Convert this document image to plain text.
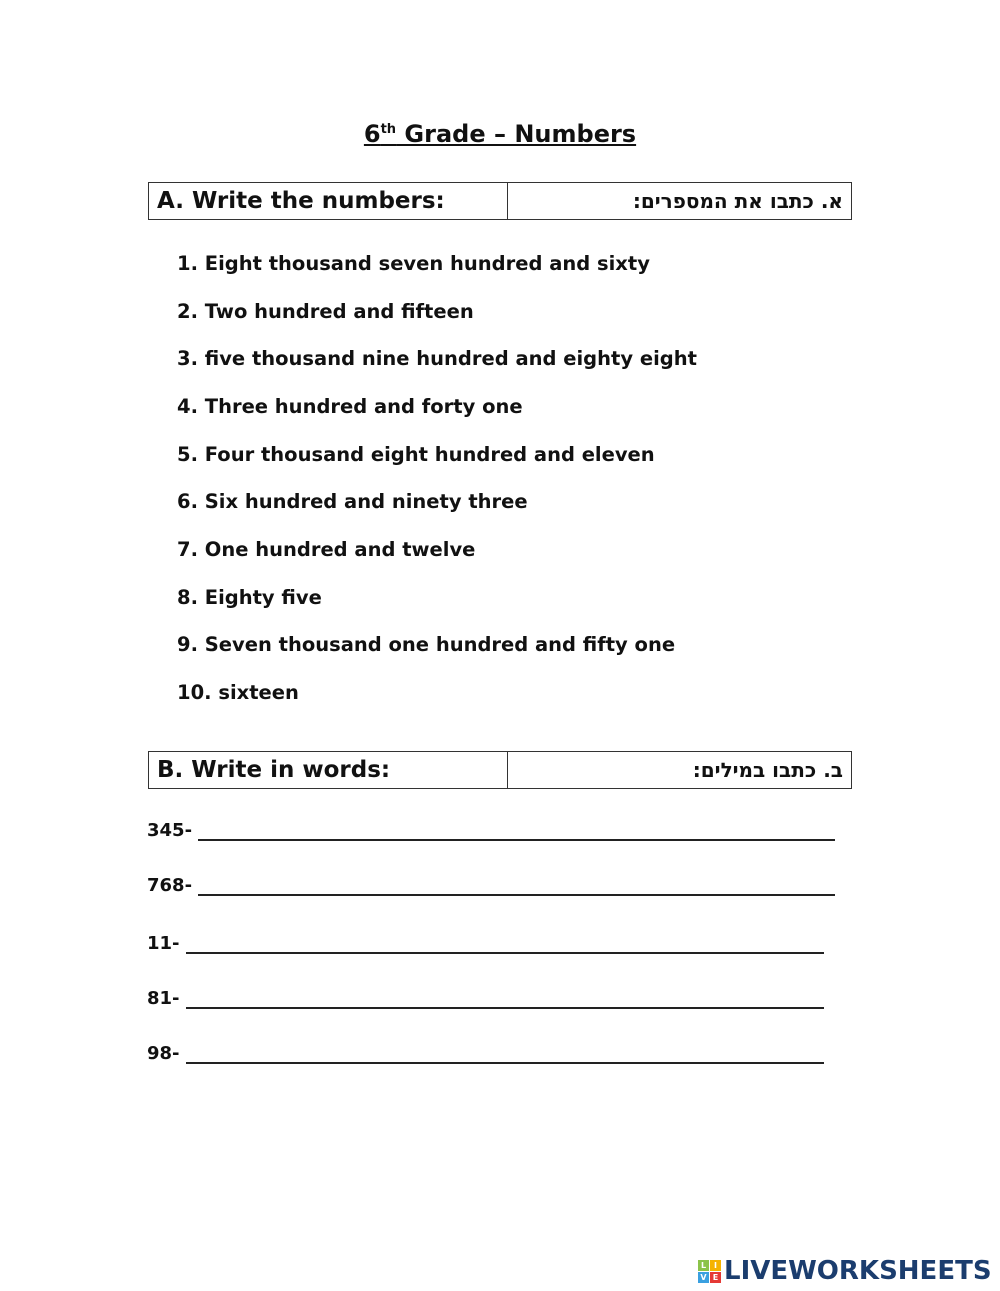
6th Grade – Numbers
A. Write the numbers:	א. כתבו את המספרים:
1. Eight thousand seven hundred and sixty
2. Two hundred and fifteen
3. five thousand nine hundred and eighty eight
4. Three hundred and forty one
5. Four thousand eight hundred and eleven
6. Six hundred and ninety three
7. One hundred and twelve
8. Eighty five
9. Seven thousand one hundred and fifty one
10. sixteen
B. Write in words:	ב. כתבו במילים:
345-
768-
11-
81-
98-
L I
V E LIVEWORKSHEETS
